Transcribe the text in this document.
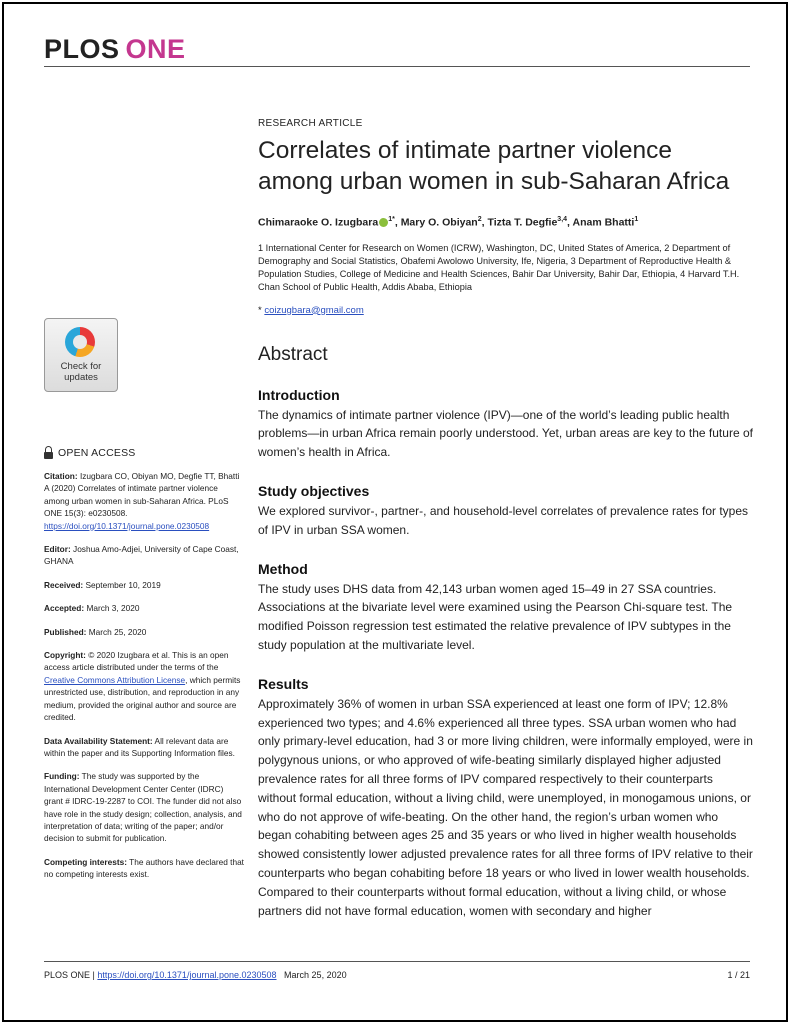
PLOS ONE
RESEARCH ARTICLE
Correlates of intimate partner violence among urban women in sub-Saharan Africa
Chimaraoke O. Izugbara $^{1*}$, Mary O. Obiyan$^2$, Tizta T. Degfie$^{3,4}$, Anam Bhatti$^1$
1 International Center for Research on Women (ICRW), Washington, DC, United States of America, 2 Department of Demography and Social Statistics, Obafemi Awolowo University, Ife, Nigeria, 3 Department of Reproductive Health & Population Studies, College of Medicine and Health Sciences, Bahir Dar University, Bahir Dar, Ethiopia, 4 Harvard T.H. Chan School of Public Health, Addis Ababa, Ethiopia
* coizugbara@gmail.com
Abstract
Introduction
The dynamics of intimate partner violence (IPV)—one of the world’s leading public health problems—in urban Africa remain poorly understood. Yet, urban areas are key to the future of women’s health in Africa.
Study objectives
We explored survivor-, partner-, and household-level correlates of prevalence rates for types of IPV in urban SSA women.
Method
The study uses DHS data from 42,143 urban women aged 15–49 in 27 SSA countries. Associations at the bivariate level were examined using the Pearson Chi-square test. The modified Poisson regression test estimated the relative prevalence of IPV subtypes in the study population at the multivariate level.
Results
Approximately 36% of women in urban SSA experienced at least one form of IPV; 12.8% experienced two types; and 4.6% experienced all three types. SSA urban women who had only primary-level education, had 3 or more living children, were informally employed, were in polygynous unions, or who approved of wife-beating similarly displayed higher adjusted prevalence rates for all three forms of IPV compared respectively to their counterparts without formal education, without a living child, were unemployed, in monogamous unions, or who do not approve of wife-beating. On the other hand, the region’s urban women who began cohabiting between ages 25 and 35 years or who lived in higher wealth households showed consistently lower adjusted prevalence rates for all three forms of IPV relative to their counterparts who began cohabiting before 18 years or who lived in lower wealth households. Compared to their counterparts without formal education, without a living child, or whose partners did not have formal education, women with secondary and higher
Check for updates
OPEN ACCESS
Citation: Izugbara CO, Obiyan MO, Degfie TT, Bhatti A (2020) Correlates of intimate partner violence among urban women in sub-Saharan Africa. PLoS ONE 15(3): e0230508. https://doi.org/10.1371/journal.pone.0230508
Editor: Joshua Amo-Adjei, University of Cape Coast, GHANA
Received: September 10, 2019
Accepted: March 3, 2020
Published: March 25, 2020
Copyright: © 2020 Izugbara et al. This is an open access article distributed under the terms of the Creative Commons Attribution License, which permits unrestricted use, distribution, and reproduction in any medium, provided the original author and source are credited.
Data Availability Statement: All relevant data are within the paper and its Supporting Information files.
Funding: The study was supported by the International Development Center Center (IDRC) grant # IDRC-19-2287 to COI. The funder did not also have role in the study design; collection, analysis, and interpretation of data; writing of the paper; and/or decision to submit for publication.
Competing interests: The authors have declared that no competing interests exist.
PLOS ONE | https://doi.org/10.1371/journal.pone.0230508 March 25, 2020	1 / 21
